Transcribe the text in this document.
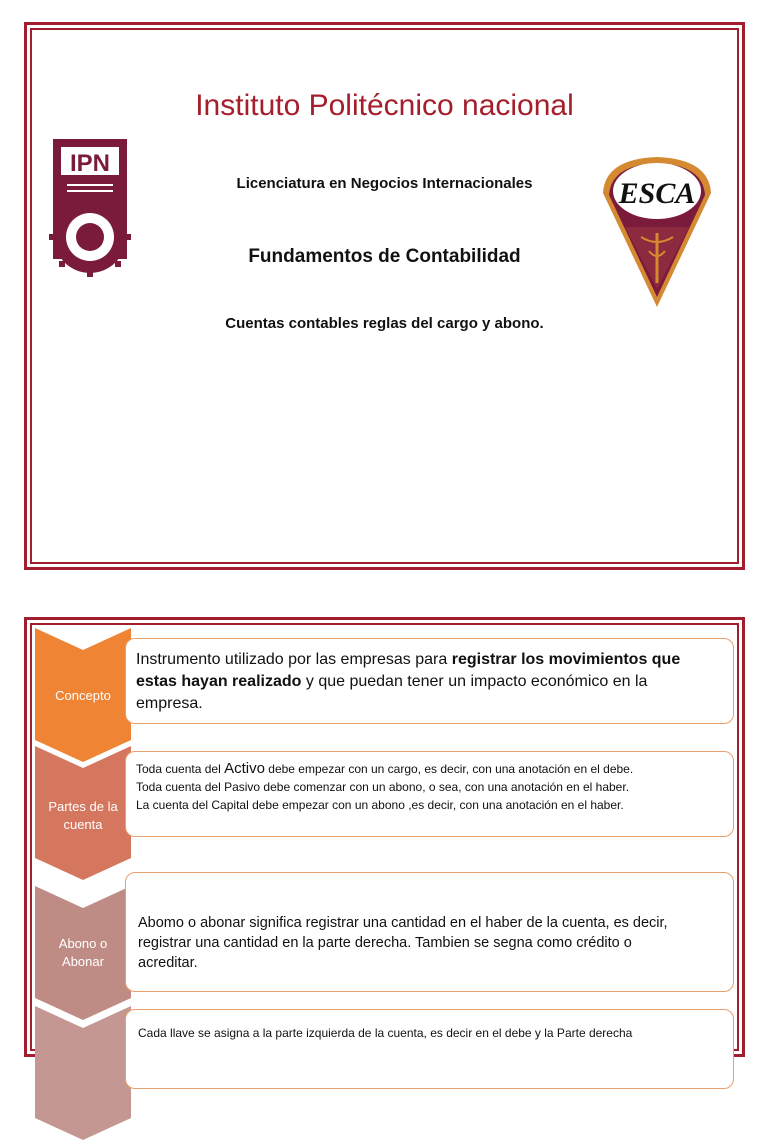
Instituto Politécnico nacional
IPN
Licenciatura en Negocios Internacionales
Fundamentos de Contabilidad
Cuentas contables reglas del cargo y abono.
ESCA
Concepto
Partes de la
cuenta
Abono o
Abonar
Instrumento utilizado por las empresas para registrar los movimientos que
estas hayan realizado y que puedan tener un impacto económico en la
empresa.
Toda cuenta del Activo debe empezar con un cargo, es decir, con una anotación en el debe.
Toda cuenta del Pasivo debe comenzar con un abono, o sea, con una anotación en el haber.
La cuenta del Capital debe empezar con un abono ,es decir, con una anotación en el haber.
Abomo o abonar significa registrar una cantidad en el haber de la cuenta, es decir,
registrar una cantidad en la parte derecha. Tambien se segna como crédito o
acreditar.
Cada llave se asigna a la parte izquierda de la cuenta, es decir en el debe y la Parte derecha
